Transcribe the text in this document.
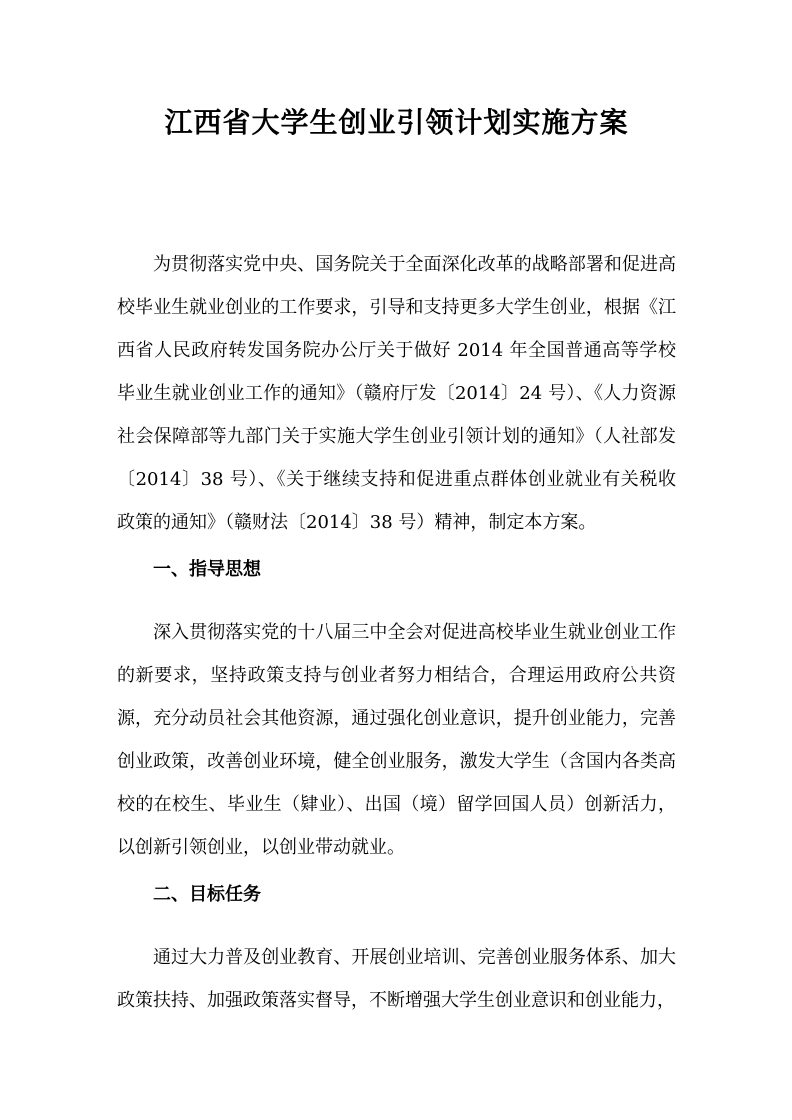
江西省大学生创业引领计划实施方案

为贯彻落实党中央、国务院关于全面深化改革的战略部署和促进高校毕业生就业创业的工作要求，引导和支持更多大学生创业，根据《江西省人民政府转发国务院办公厅关于做好 2014 年全国普通高等学校毕业生就业创业工作的通知》（赣府厅发〔2014〕24 号）、《人力资源社会保障部等九部门关于实施大学生创业引领计划的通知》（人社部发〔2014〕38 号）、《关于继续支持和促进重点群体创业就业有关税收政策的通知》（赣财法〔2014〕38 号）精神，制定本方案。

一、指导思想

深入贯彻落实党的十八届三中全会对促进高校毕业生就业创业工作的新要求，坚持政策支持与创业者努力相结合，合理运用政府公共资源，充分动员社会其他资源，通过强化创业意识，提升创业能力，完善创业政策，改善创业环境，健全创业服务，激发大学生（含国内各类高校的在校生、毕业生（肄业）、出国（境）留学回国人员）创新活力，以创新引领创业，以创业带动就业。

二、目标任务

通过大力普及创业教育、开展创业培训、完善创业服务体系、加大政策扶持、加强政策落实督导，不断增强大学生创业意识和创业能力，
